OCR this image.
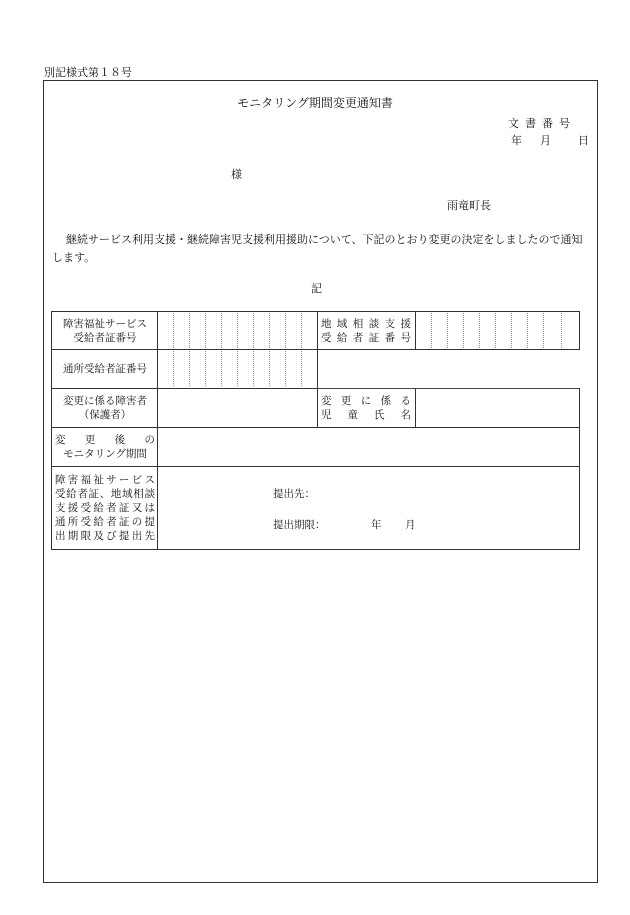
別記様式第１８号
モニタリング期間変更通知書
文書番号
年 月 日
様
雨竜町長
継続サービス利用支援・継続障害児支援利用援助について、下記のとおり変更の決定をしましたので通知します。
記
障害福祉サービス
受給者証番号
地域相談支援
受給者証番号
通所受給者証番号
変更に係る障害者
（保護者）
変更に係る
児童氏名
変更後の
モニタリング期間
障害福祉サービス
受給者証、地域相談
支援受給者証又は
通所受給者証の提
出期限及び提出先
提出先：
提出期限：	年 月
